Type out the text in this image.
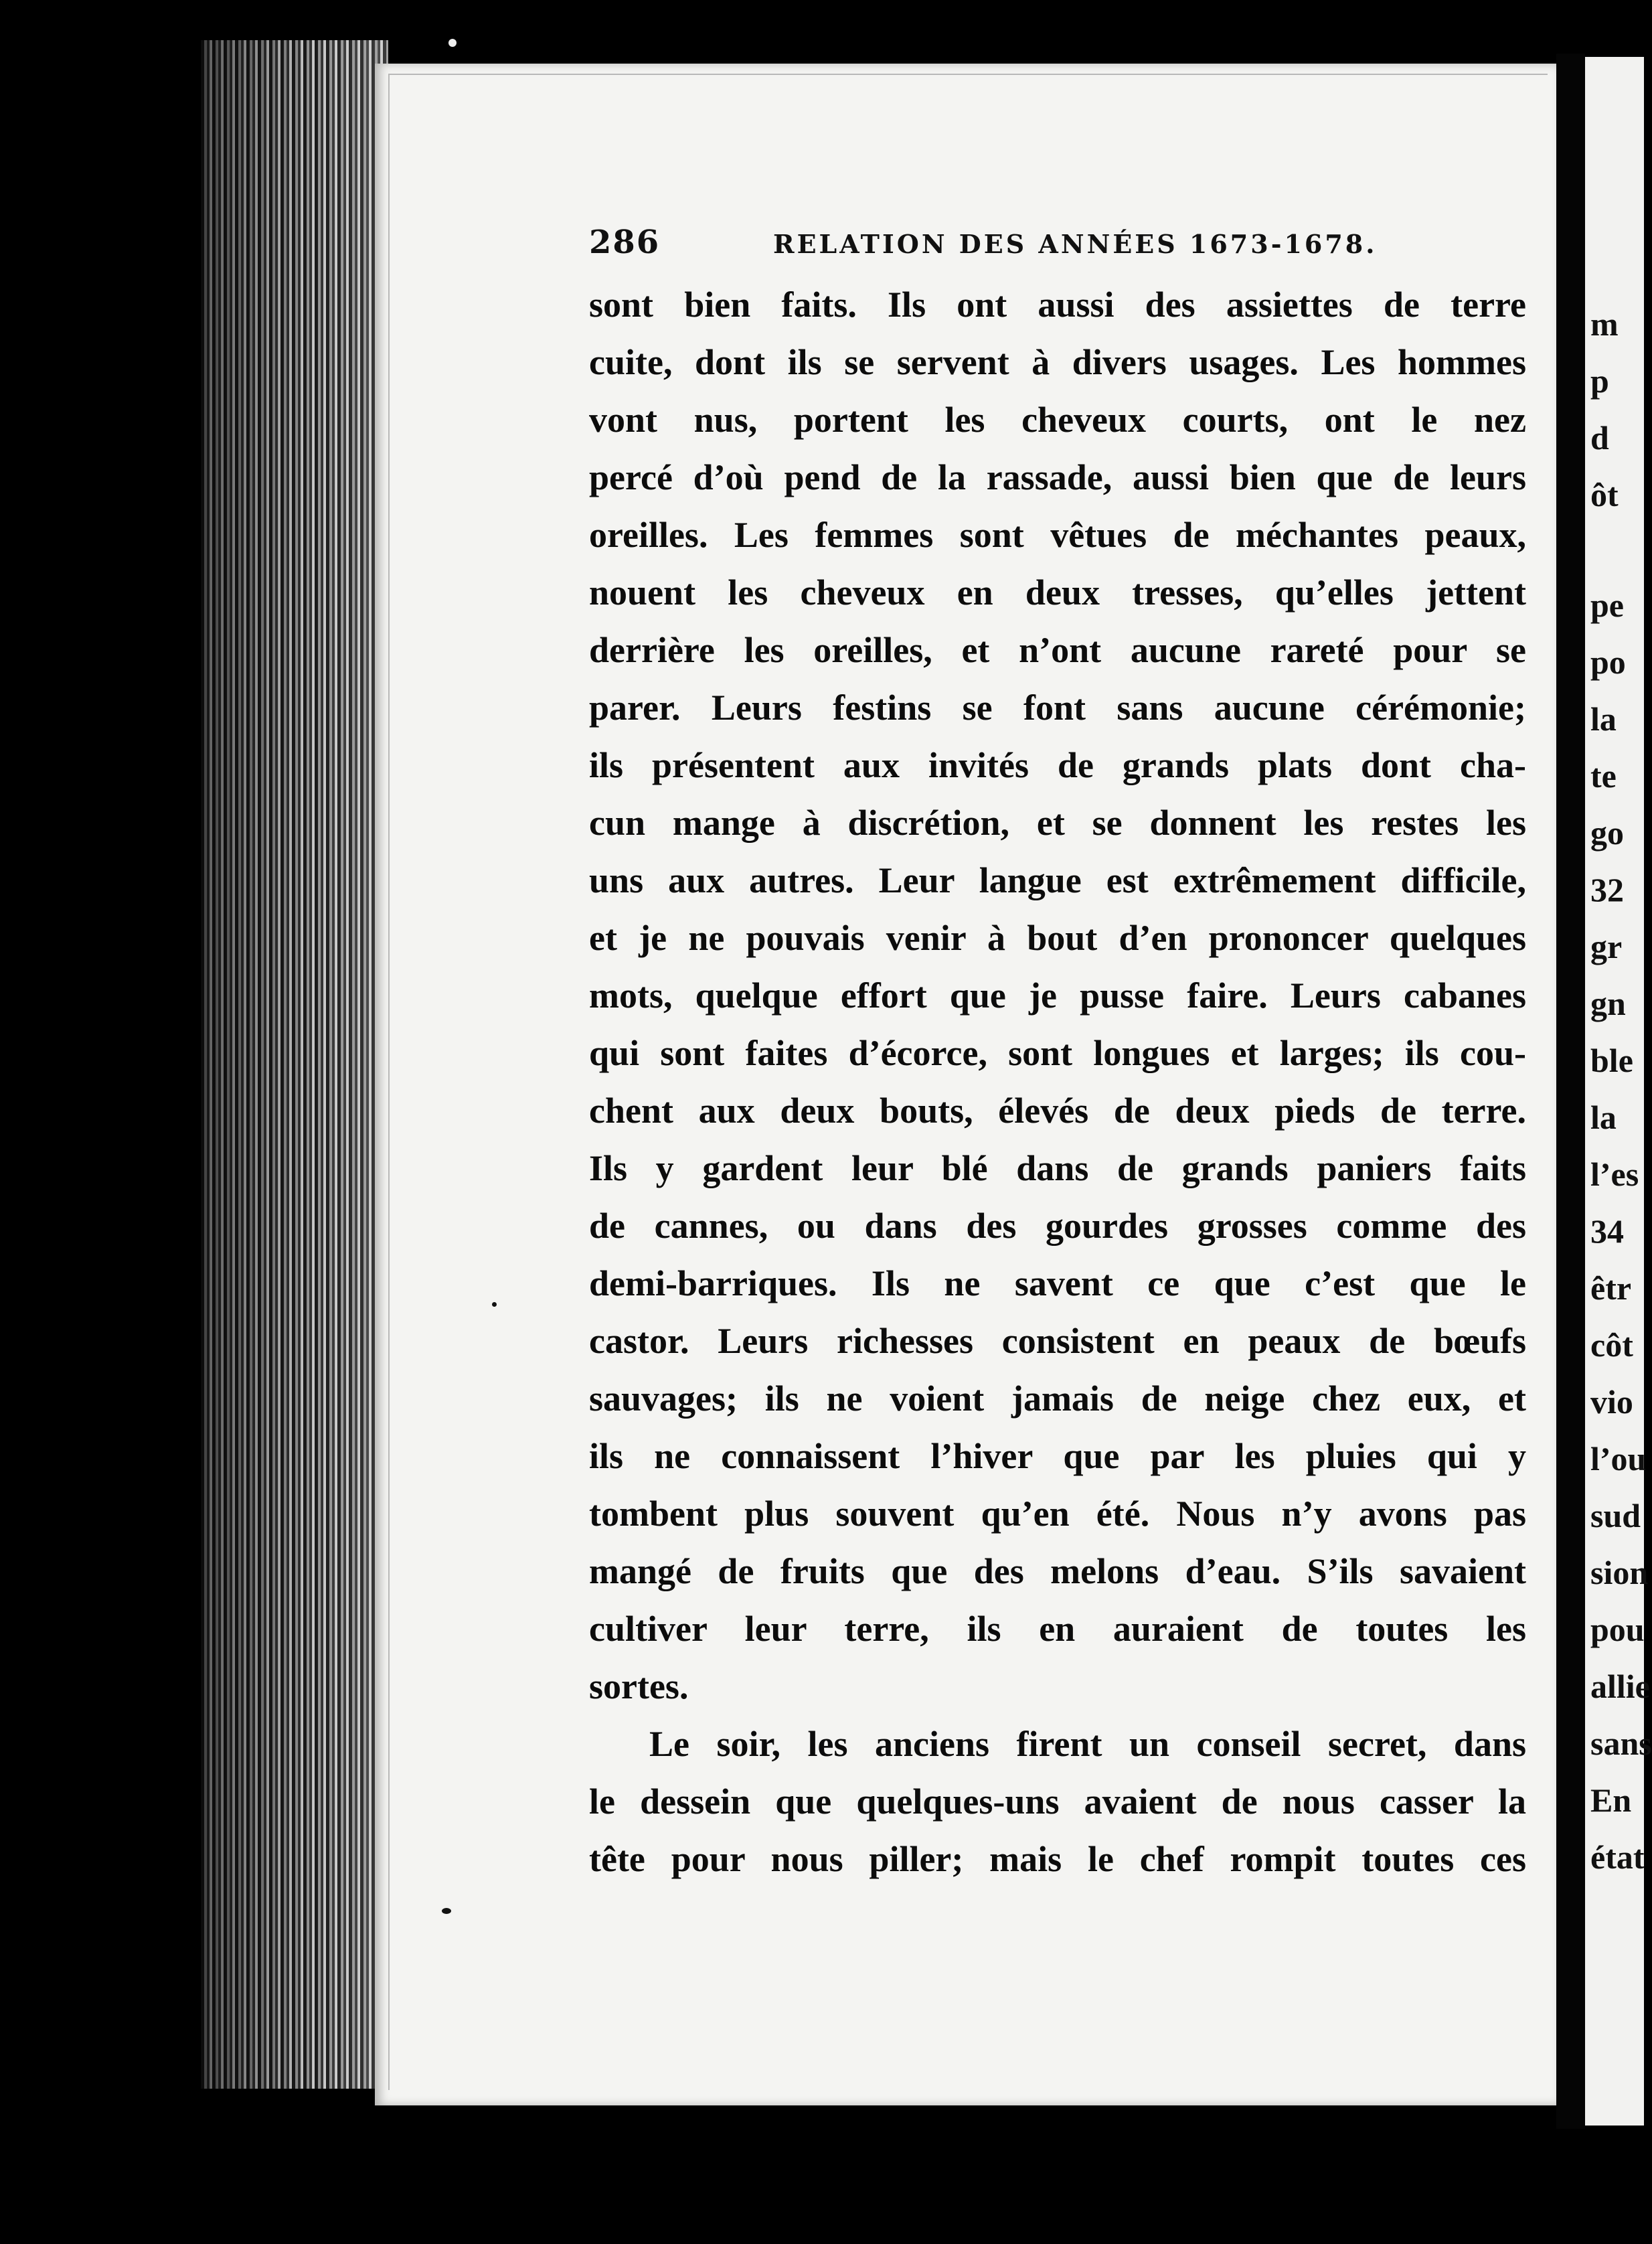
286	RELATION DES ANNÉES 1673-1678.
sont bien faits. Ils ont aussi des assiettes de terre
cuite, dont ils se servent à divers usages. Les hommes
vont nus, portent les cheveux courts, ont le nez
percé d’où pend de la rassade, aussi bien que de leurs
oreilles. Les femmes sont vêtues de méchantes peaux,
nouent les cheveux en deux tresses, qu’elles jettent
derrière les oreilles, et n’ont aucune rareté pour se
parer. Leurs festins se font sans aucune cérémonie;
ils présentent aux invités de grands plats dont cha-
cun mange à discrétion, et se donnent les restes les
uns aux autres. Leur langue est extrêmement difficile,
et je ne pouvais venir à bout d’en prononcer quelques
mots, quelque effort que je pusse faire. Leurs cabanes
qui sont faites d’écorce, sont longues et larges; ils cou-
chent aux deux bouts, élevés de deux pieds de terre.
Ils y gardent leur blé dans de grands paniers faits
de cannes, ou dans des gourdes grosses comme des
demi-barriques. Ils ne savent ce que c’est que le
castor. Leurs richesses consistent en peaux de bœufs
sauvages; ils ne voient jamais de neige chez eux, et
ils ne connaissent l’hiver que par les pluies qui y
tombent plus souvent qu’en été. Nous n’y avons pas
mangé de fruits que des melons d’eau. S’ils savaient
cultiver leur terre, ils en auraient de toutes les
sortes.
Le soir, les anciens firent un conseil secret, dans
le dessein que quelques-uns avaient de nous casser la
tête pour nous piller; mais le chef rompit toutes ces
m
p
d
ôt
pe
po
la
te
go
32
gr
gn
ble
la
l’es
34
êtr
côt
vio
l’ou
sud
sion
pou
allie
sans
En
état
